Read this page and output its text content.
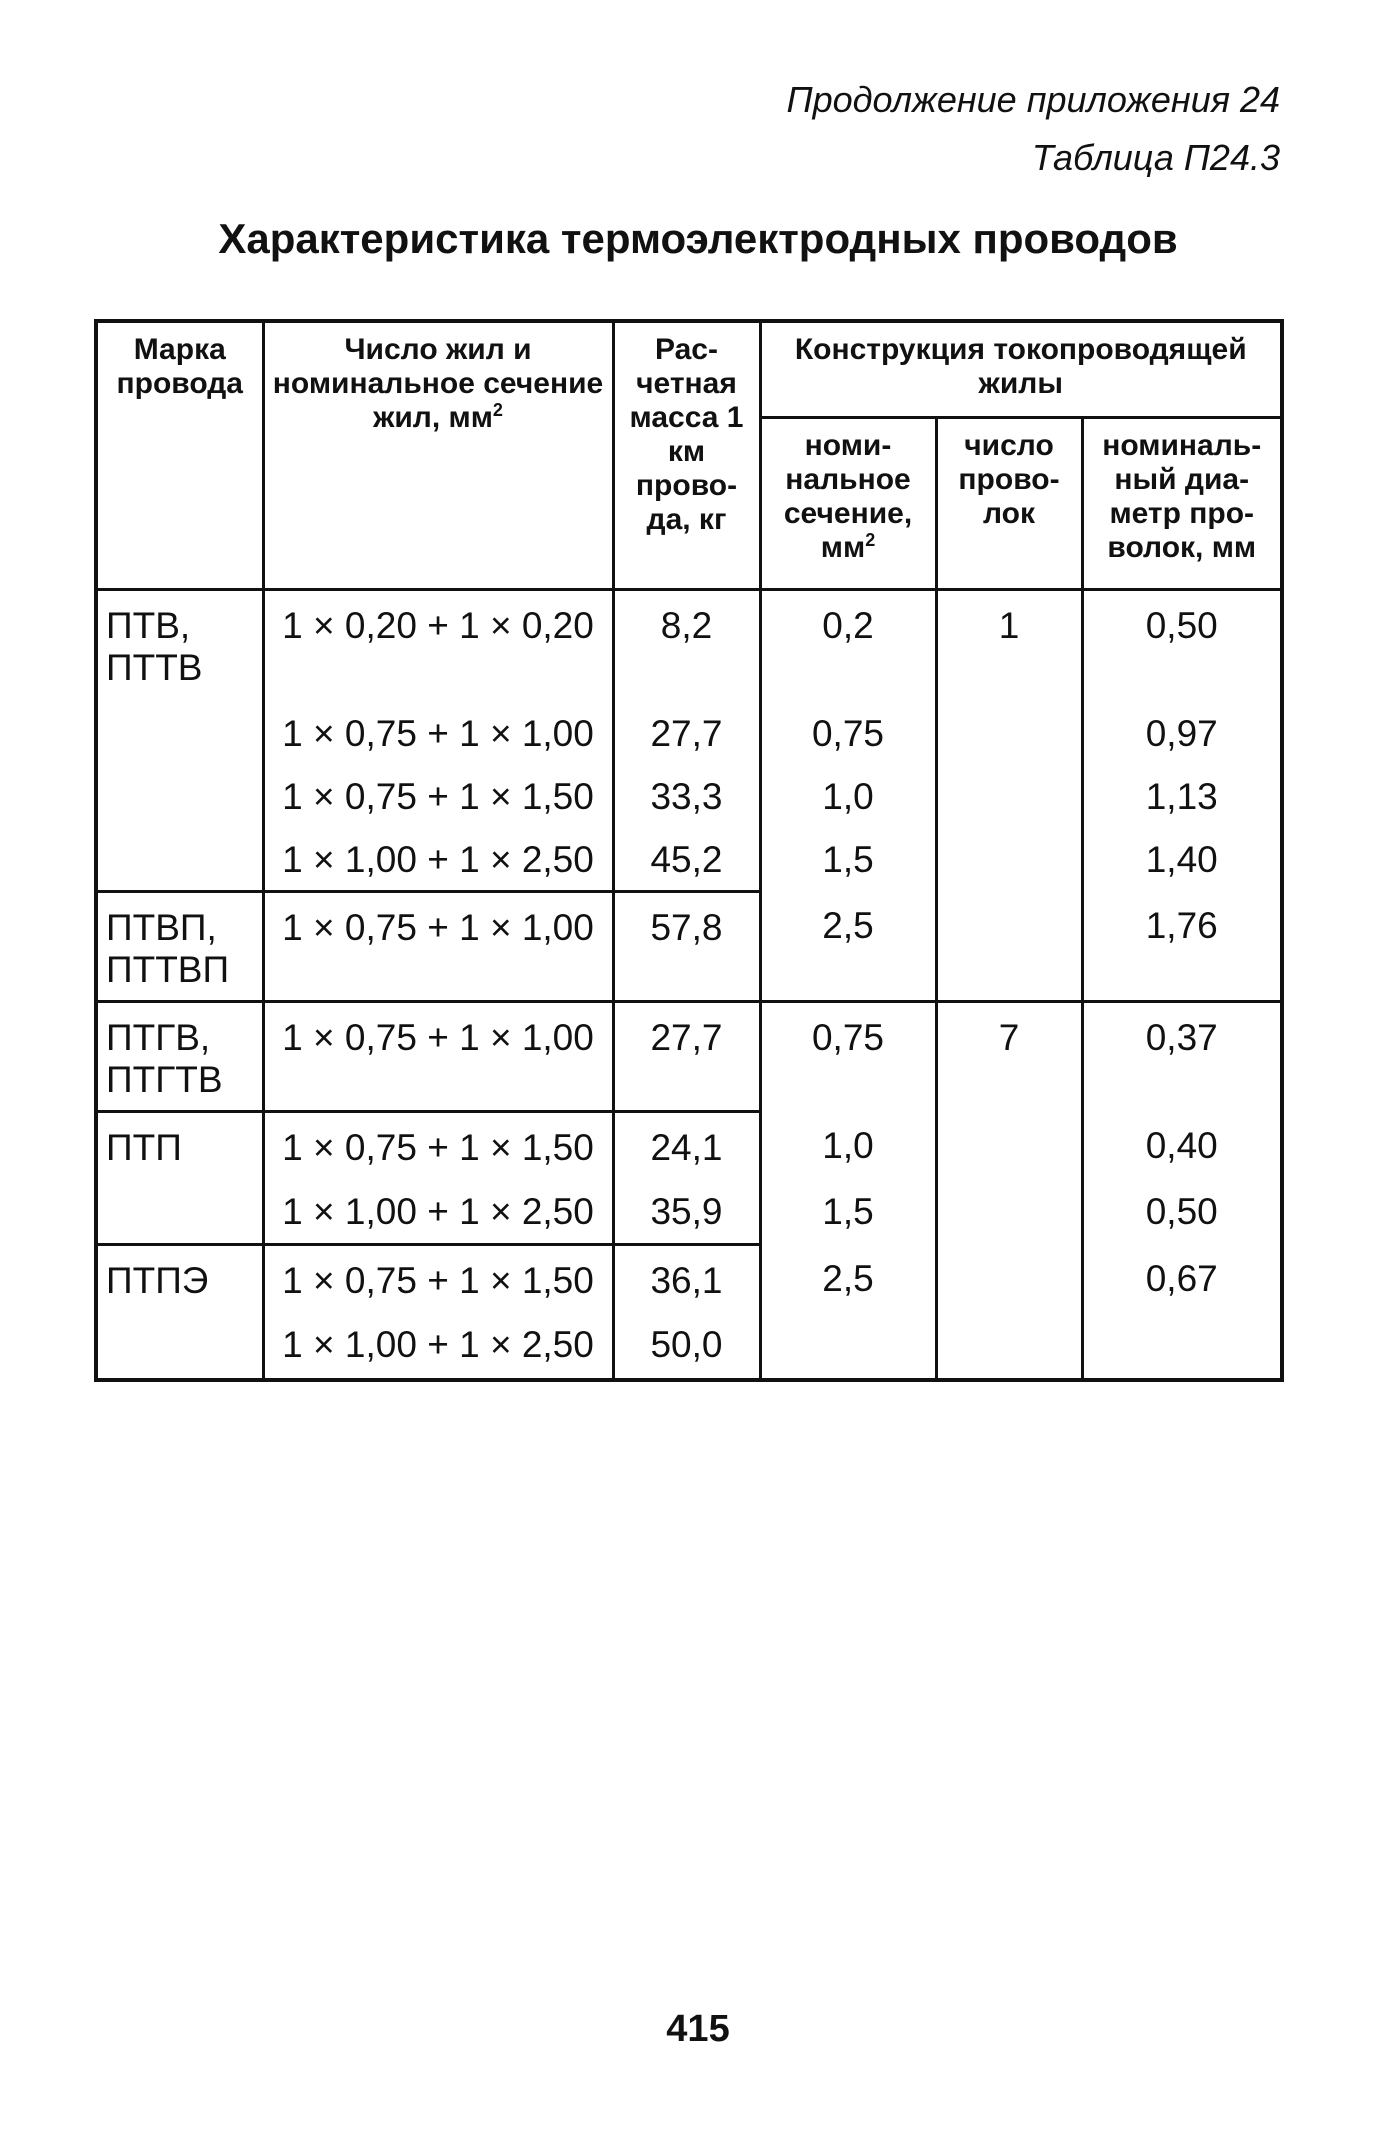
Продолжение приложения 24
Таблица П24.3
Характеристика термоэлектродных проводов
Марка провода	Число жил и номинальное сечение жил, $мм^2$	Рас-четная масса 1 км прово-да, кг	Конструкция токопроводящей жилы		
			номи-нальное сечение, $мм^2$	число прово-лок	номиналь-ный диа-метр про-волок, мм
ПТВ, ПТТВ	1 × 0,20 + 1 × 0,20	8,2	0,2	1	0,50
	1 × 0,75 + 1 × 1,00	27,7	0,75		0,97
	1 × 0,75 + 1 × 1,50	33,3	1,0		1,13
	1 × 1,00 + 1 × 2,50	45,2	1,5		1,40
ПТВП, ПТТВП	1 × 0,75 + 1 × 1,00	57,8	2,5		1,76
ПТГВ, ПТГТВ	1 × 0,75 + 1 × 1,00	27,7	0,75	7	0,37
ПТП	1 × 0,75 + 1 × 1,50	24,1	1,0		0,40
	1 × 1,00 + 1 × 2,50	35,9	1,5		0,50
ПТПЭ	1 × 0,75 + 1 × 1,50	36,1	2,5		0,67
	1 × 1,00 + 1 × 2,50	50,0			
415
